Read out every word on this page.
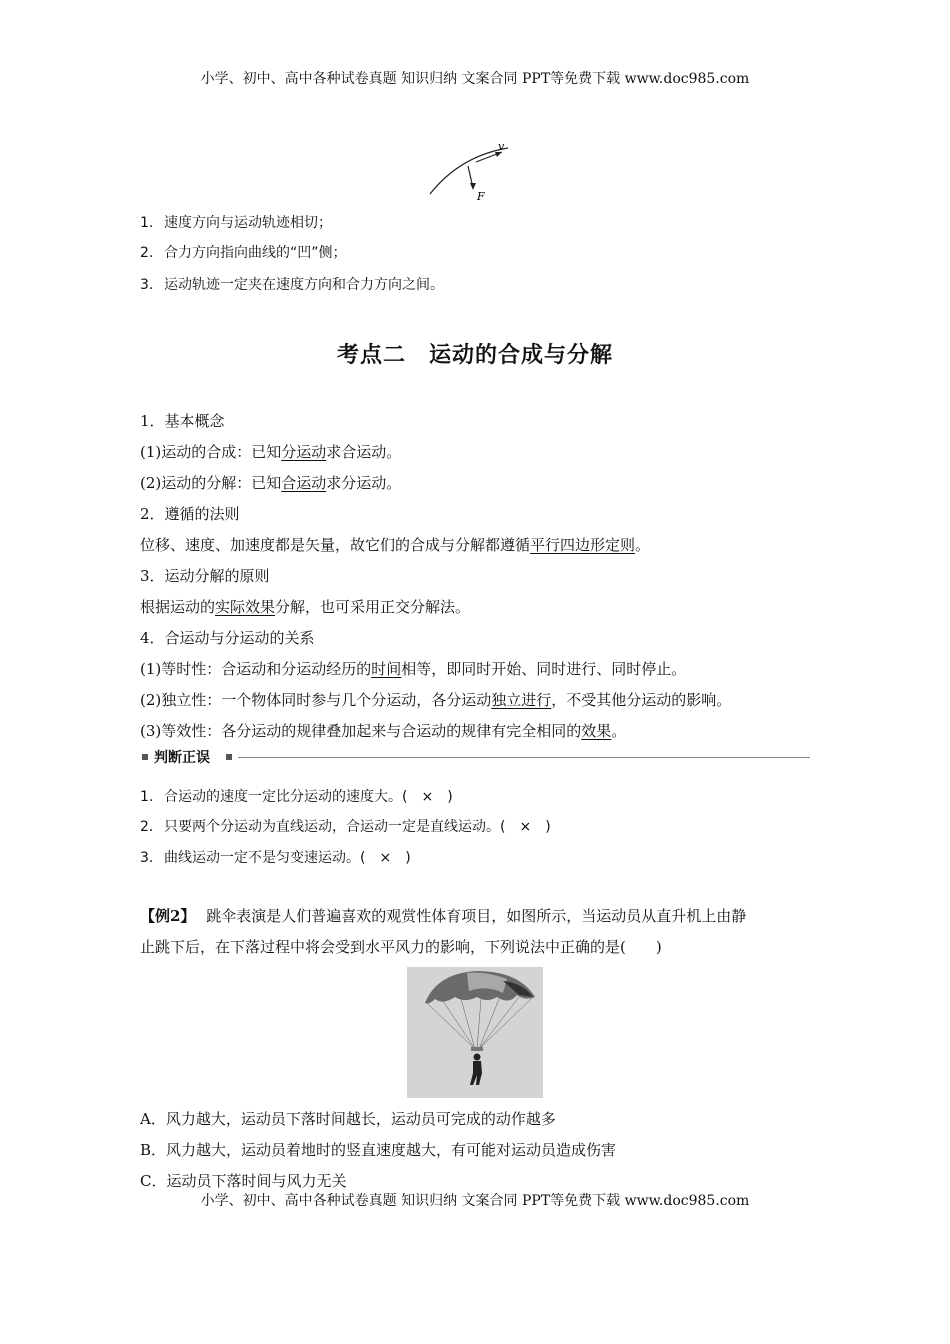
小学、初中、高中各种试卷真题 知识归纳 文案合同 PPT等免费下载 www.doc985.com
v
F
1. 速度方向与运动轨迹相切；
2. 合力方向指向曲线的“凹”侧；
3. 运动轨迹一定夹在速度方向和合力方向之间。
考点二　运动的合成与分解
1．基本概念
(1)运动的合成：已知分运动求合运动。
(2)运动的分解：已知合运动求分运动。
2．遵循的法则
位移、速度、加速度都是矢量，故它们的合成与分解都遵循平行四边形定则。
3．运动分解的原则
根据运动的实际效果分解，也可采用正交分解法。
4．合运动与分运动的关系
(1)等时性：合运动和分运动经历的时间相等，即同时开始、同时进行、同时停止。
(2)独立性：一个物体同时参与几个分运动，各分运动独立进行，不受其他分运动的影响。
(3)等效性：各分运动的规律叠加起来与合运动的规律有完全相同的效果。
判断正误
1. 合运动的速度一定比分运动的速度大。(　×　)
2. 只要两个分运动为直线运动，合运动一定是直线运动。(　×　)
3. 曲线运动一定不是匀变速运动。(　×　)
【例2】 跳伞表演是人们普遍喜欢的观赏性体育项目，如图所示，当运动员从直升机上由静
止跳下后，在下落过程中将会受到水平风力的影响，下列说法中正确的是(　　)
A．风力越大，运动员下落时间越长，运动员可完成的动作越多
B．风力越大，运动员着地时的竖直速度越大，有可能对运动员造成伤害
C．运动员下落时间与风力无关
小学、初中、高中各种试卷真题 知识归纳 文案合同 PPT等免费下载 www.doc985.com
